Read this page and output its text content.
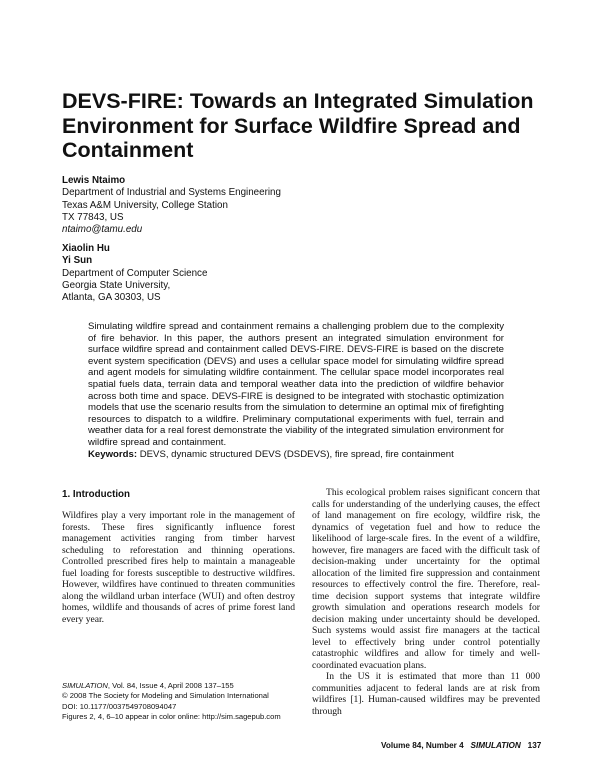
DEVS-FIRE: Towards an Integrated Simulation
Environment for Surface Wildfire Spread and
Containment
Lewis Ntaimo
Department of Industrial and Systems Engineering
Texas A&M University, College Station
TX 77843, US
ntaimo@tamu.edu
Xiaolin Hu
Yi Sun
Department of Computer Science
Georgia State University,
Atlanta, GA 30303, US
Simulating wildfire spread and containment remains a challenging problem due to the complexity of fire behavior. In this paper, the authors present an integrated simulation environment for surface wildfire spread and containment called DEVS-FIRE. DEVS-FIRE is based on the discrete event system specification (DEVS) and uses a cellular space model for simulating wildfire spread and agent models for simulating wildfire containment. The cellular space model incorporates real spatial fuels data, terrain data and temporal weather data into the prediction of wildfire behavior across both time and space. DEVS-FIRE is designed to be integrated with stochastic optimization models that use the scenario results from the simulation to determine an optimal mix of firefighting resources to dispatch to a wildfire. Preliminary computational experiments with fuel, terrain and weather data for a real forest demonstrate the viability of the integrated simulation environment for wildfire spread and containment.
Keywords: DEVS, dynamic structured DEVS (DSDEVS), fire spread, fire containment
1. Introduction

Wildfires play a very important role in the management of forests. These fires significantly influence forest management activities ranging from timber harvest scheduling to reforestation and thinning operations. Controlled prescribed fires help to maintain a manageable fuel loading for forests susceptible to destructive wildfires. However, wildfires have continued to threaten communities along the wildland urban interface (WUI) and often destroy homes, wildlife and thousands of acres of prime forest land every year.

This ecological problem raises significant concern that calls for understanding of the underlying causes, the effect of land management on fire ecology, wildfire risk, the dynamics of vegetation fuel and how to reduce the likelihood of large-scale fires. In the event of a wildfire, however, fire managers are faced with the difficult task of decision-making under uncertainty for the optimal allocation of the limited fire suppression and containment resources to effectively control the fire. Therefore, real-time decision support systems that integrate wildfire growth simulation and operations research models for decision making under uncertainty should be developed. Such systems would assist fire managers at the tactical level to effectively bring under control potentially catastrophic wildfires and allow for timely and well-coordinated evacuation plans.

In the US it is estimated that more than 11 000 communities adjacent to federal lands are at risk from wildfires [1]. Human-caused wildfires may be prevented through

SIMULATION, Vol. 84, Issue 4, April 2008 137–155
© 2008 The Society for Modeling and Simulation International
DOI: 10.1177/0037549708094047
Figures 2, 4, 6–10 appear in color online: http://sim.sagepub.com
Volume 84, Number 4 SIMULATION 137
